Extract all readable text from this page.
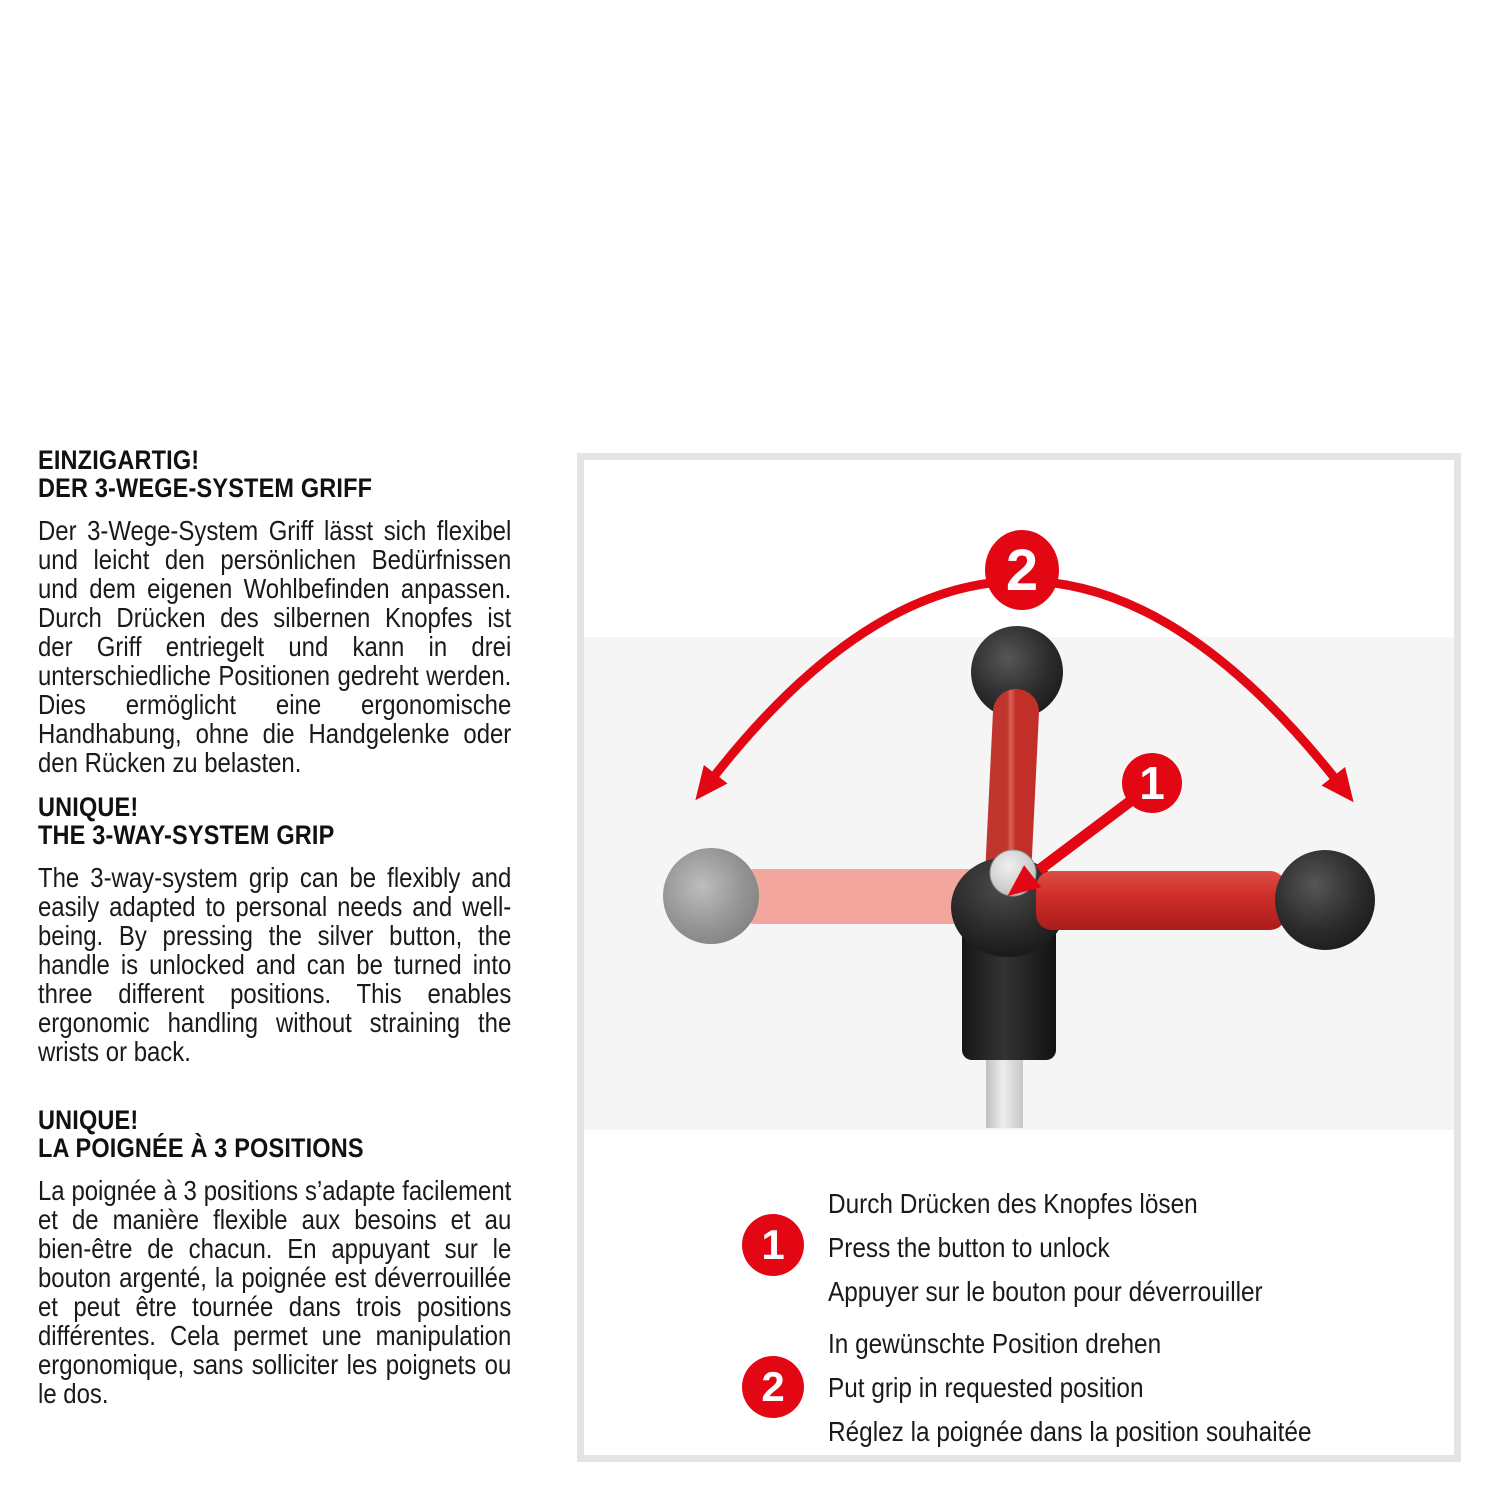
EINZIGARTIG!
DER 3-WEGE-SYSTEM GRIFF

Der 3-Wege-System Griff lässt sich flexibel und leicht den persönlichen Bedürfnissen und dem eigenen Wohlbefinden anpassen. Durch Drücken des silbernen Knopfes ist der Griff entriegelt und kann in drei unterschiedliche Positionen gedreht werden. Dies ermöglicht eine ergonomische Handhabung, ohne die Handgelenke oder den Rücken zu belasten.

UNIQUE!
THE 3-WAY-SYSTEM GRIP

The 3-way-system grip can be flexibly and easily adapted to personal needs and well-being. By pressing the silver button, the handle is unlocked and can be turned into three different positions. This enables ergonomic handling without straining the wrists or back.

UNIQUE!
LA POIGNÉE À 3 POSITIONS

La poignée à 3 positions s’adapte facilement et de manière flexible aux besoins et au bien-être de chacun. En appuyant sur le bouton argenté, la poignée est déverrouillée et peut être tournée dans trois positions différentes. Cela permet une manipulation ergonomique, sans solliciter les poignets ou le dos.

2
1
1
Durch Drücken des Knopfes lösen
Press the button to unlock
Appuyer sur le bouton pour déverrouiller
2
In gewünschte Position drehen
Put grip in requested position
Réglez la poignée dans la position souhaitée
